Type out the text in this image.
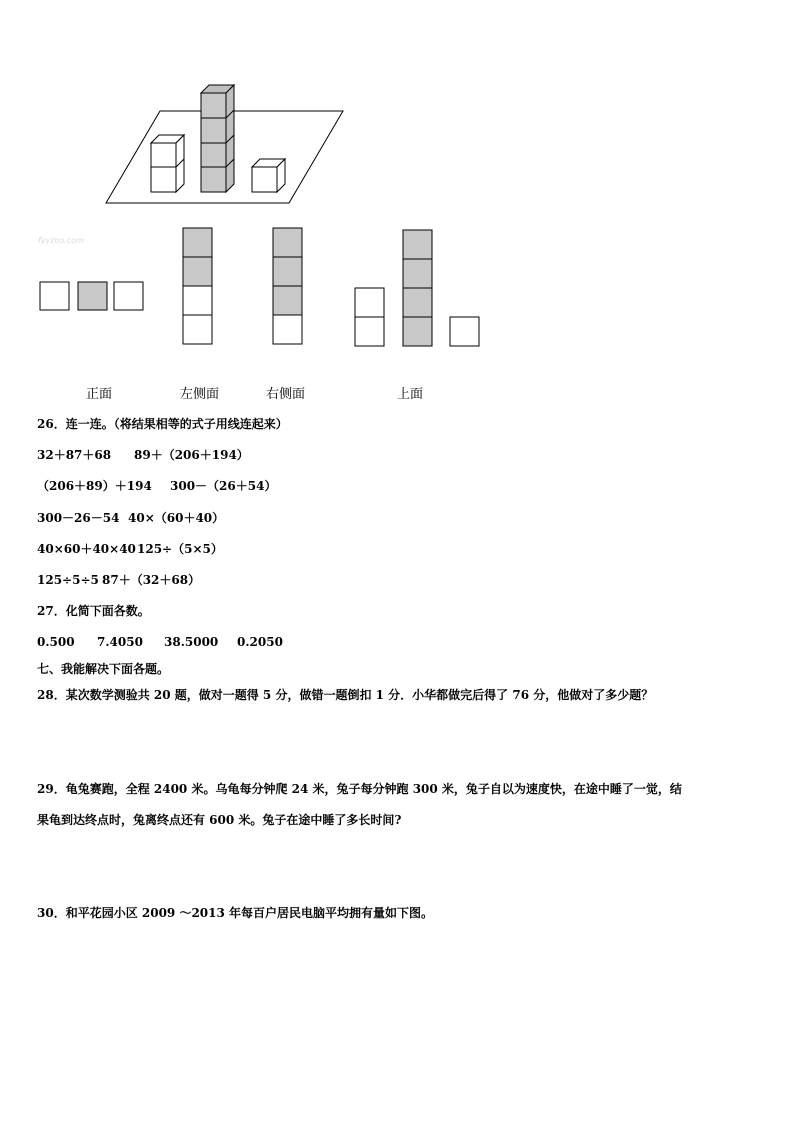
fyyzoo.com
正面	左侧面	右侧面	上面
26．连一连。（将结果相等的式子用线连起来）
32＋87＋68 89＋（206＋194）
（206＋89）＋194 300－（26＋54）
300－26－54 40×（60＋40）
40×60＋40×40 125÷（5×5）
125÷5÷5 87＋（32＋68）
27．化简下面各数。
0.500 7.4050 38.5000 0.2050
七、我能解决下面各题。
28．某次数学测验共 20 题，做对一题得 5 分，做错一题倒扣 1 分．小华都做完后得了 76 分，他做对了多少题？
29．龟兔赛跑，全程 2400 米。乌龟每分钟爬 24 米，兔子每分钟跑 300 米，兔子自以为速度快，在途中睡了一觉，结
果龟到达终点时，兔离终点还有 600 米。兔子在途中睡了多长时间?
30．和平花园小区 2009 ～2013 年每百户居民电脑平均拥有量如下图。
